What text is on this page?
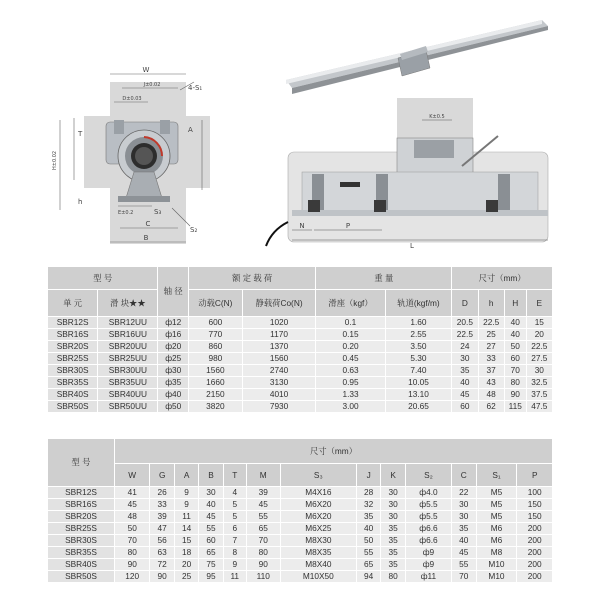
W
J±0.02
D±0.03
4-S₁
A
H±0.02
T
h
E±0.2	S₃
C
S₂
B
N	P
L
K±0.5
型 号		轴 径	额 定 载 荷		重 量		尺寸（mm）			
单 元	滑 块★★		动载C(N)	静载荷Co(N)	滑座（kgf）	轨道(kgf/m)	D	h	H	E

SBR12S	SBR12UU	ф12	600	1020	0.1	1.60	20.5	22.5	40	15
SBR16S	SBR16UU	ф16	770	1170	0.15	2.55	22.5	25	40	20
SBR20S	SBR20UU	ф20	860	1370	0.20	3.50	24	27	50	22.5
SBR25S	SBR25UU	ф25	980	1560	0.45	5.30	30	33	60	27.5
SBR30S	SBR30UU	ф30	1560	2740	0.63	7.40	35	37	70	30
SBR35S	SBR35UU	ф35	1660	3130	0.95	10.05	40	43	80	32.5
SBR40S	SBR40UU	ф40	2150	4010	1.33	13.10	45	48	90	37.5
SBR50S	SBR50UU	ф50	3820	7930	3.00	20.65	60	62	115	47.5
型 号	尺寸（mm）												
	W	G	A	B	T	M	S₃	J	K	S₂	C	S₁	P
SBR12S	41	26	9	30	4	39	M4X16	28	30	ф4.0	22	M5	100
SBR16S	45	33	9	40	5	45	M6X20	32	30	ф5.5	30	M5	150
SBR20S	48	39	11	45	5	55	M6X20	35	30	ф5.5	30	M5	150
SBR25S	50	47	14	55	6	65	M6X25	40	35	ф6.6	35	M6	200
SBR30S	70	56	15	60	7	70	M8X30	50	35	ф6.6	40	M6	200
SBR35S	80	63	18	65	8	80	M8X35	55	35	ф9	45	M8	200
SBR40S	90	72	20	75	9	90	M8X40	65	35	ф9	55	M10	200
SBR50S	120	90	25	95	11	110	M10X50	94	80	ф11	70	M10	200
